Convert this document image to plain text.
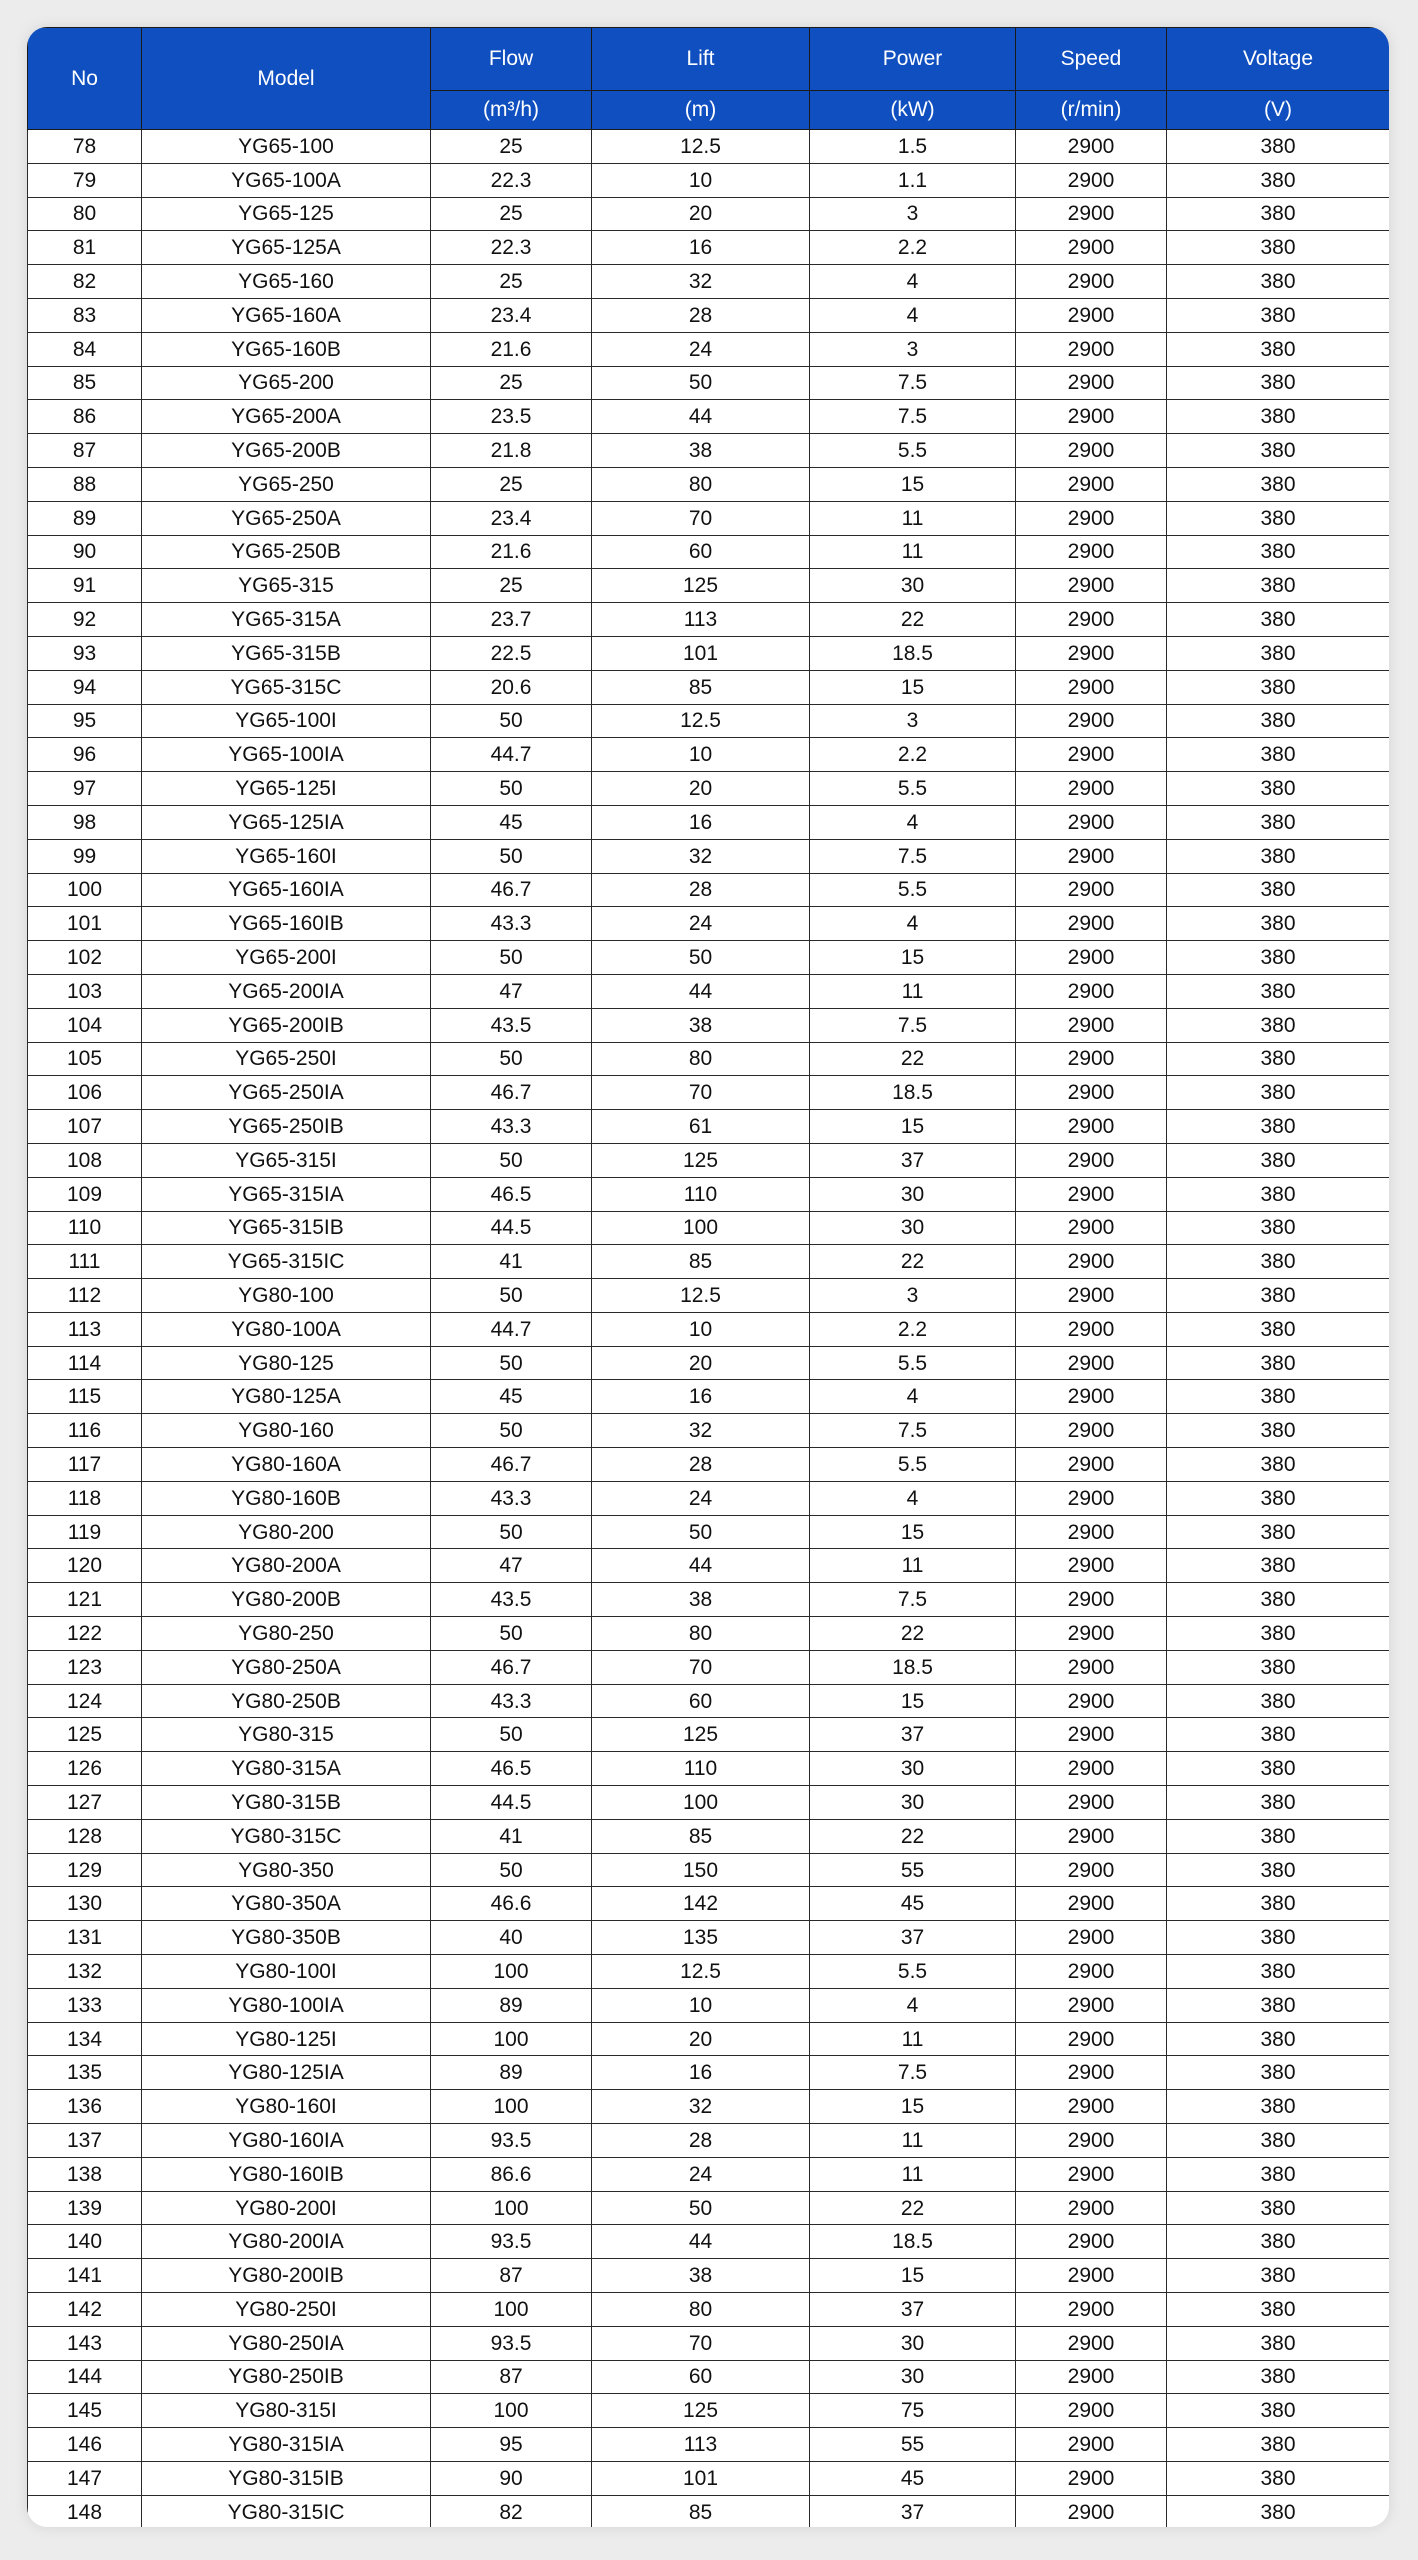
No	Model	Flow	Lift	Power	Speed	Voltage
		(m³/h)	(m)	(kW)	(r/min)	(V)
78	YG65-100	25	12.5	1.5	2900	380
79	YG65-100A	22.3	10	1.1	2900	380
80	YG65-125	25	20	3	2900	380
81	YG65-125A	22.3	16	2.2	2900	380
82	YG65-160	25	32	4	2900	380
83	YG65-160A	23.4	28	4	2900	380
84	YG65-160B	21.6	24	3	2900	380
85	YG65-200	25	50	7.5	2900	380
86	YG65-200A	23.5	44	7.5	2900	380
87	YG65-200B	21.8	38	5.5	2900	380
88	YG65-250	25	80	15	2900	380
89	YG65-250A	23.4	70	11	2900	380
90	YG65-250B	21.6	60	11	2900	380
91	YG65-315	25	125	30	2900	380
92	YG65-315A	23.7	113	22	2900	380
93	YG65-315B	22.5	101	18.5	2900	380
94	YG65-315C	20.6	85	15	2900	380
95	YG65-100I	50	12.5	3	2900	380
96	YG65-100IA	44.7	10	2.2	2900	380
97	YG65-125I	50	20	5.5	2900	380
98	YG65-125IA	45	16	4	2900	380
99	YG65-160I	50	32	7.5	2900	380
100	YG65-160IA	46.7	28	5.5	2900	380
101	YG65-160IB	43.3	24	4	2900	380
102	YG65-200I	50	50	15	2900	380
103	YG65-200IA	47	44	11	2900	380
104	YG65-200IB	43.5	38	7.5	2900	380
105	YG65-250I	50	80	22	2900	380
106	YG65-250IA	46.7	70	18.5	2900	380
107	YG65-250IB	43.3	61	15	2900	380
108	YG65-315I	50	125	37	2900	380
109	YG65-315IA	46.5	110	30	2900	380
110	YG65-315IB	44.5	100	30	2900	380
111	YG65-315IC	41	85	22	2900	380
112	YG80-100	50	12.5	3	2900	380
113	YG80-100A	44.7	10	2.2	2900	380
114	YG80-125	50	20	5.5	2900	380
115	YG80-125A	45	16	4	2900	380
116	YG80-160	50	32	7.5	2900	380
117	YG80-160A	46.7	28	5.5	2900	380
118	YG80-160B	43.3	24	4	2900	380
119	YG80-200	50	50	15	2900	380
120	YG80-200A	47	44	11	2900	380
121	YG80-200B	43.5	38	7.5	2900	380
122	YG80-250	50	80	22	2900	380
123	YG80-250A	46.7	70	18.5	2900	380
124	YG80-250B	43.3	60	15	2900	380
125	YG80-315	50	125	37	2900	380
126	YG80-315A	46.5	110	30	2900	380
127	YG80-315B	44.5	100	30	2900	380
128	YG80-315C	41	85	22	2900	380
129	YG80-350	50	150	55	2900	380
130	YG80-350A	46.6	142	45	2900	380
131	YG80-350B	40	135	37	2900	380
132	YG80-100I	100	12.5	5.5	2900	380
133	YG80-100IA	89	10	4	2900	380
134	YG80-125I	100	20	11	2900	380
135	YG80-125IA	89	16	7.5	2900	380
136	YG80-160I	100	32	15	2900	380
137	YG80-160IA	93.5	28	11	2900	380
138	YG80-160IB	86.6	24	11	2900	380
139	YG80-200I	100	50	22	2900	380
140	YG80-200IA	93.5	44	18.5	2900	380
141	YG80-200IB	87	38	15	2900	380
142	YG80-250I	100	80	37	2900	380
143	YG80-250IA	93.5	70	30	2900	380
144	YG80-250IB	87	60	30	2900	380
145	YG80-315I	100	125	75	2900	380
146	YG80-315IA	95	113	55	2900	380
147	YG80-315IB	90	101	45	2900	380
148	YG80-315IC	82	85	37	2900	380
